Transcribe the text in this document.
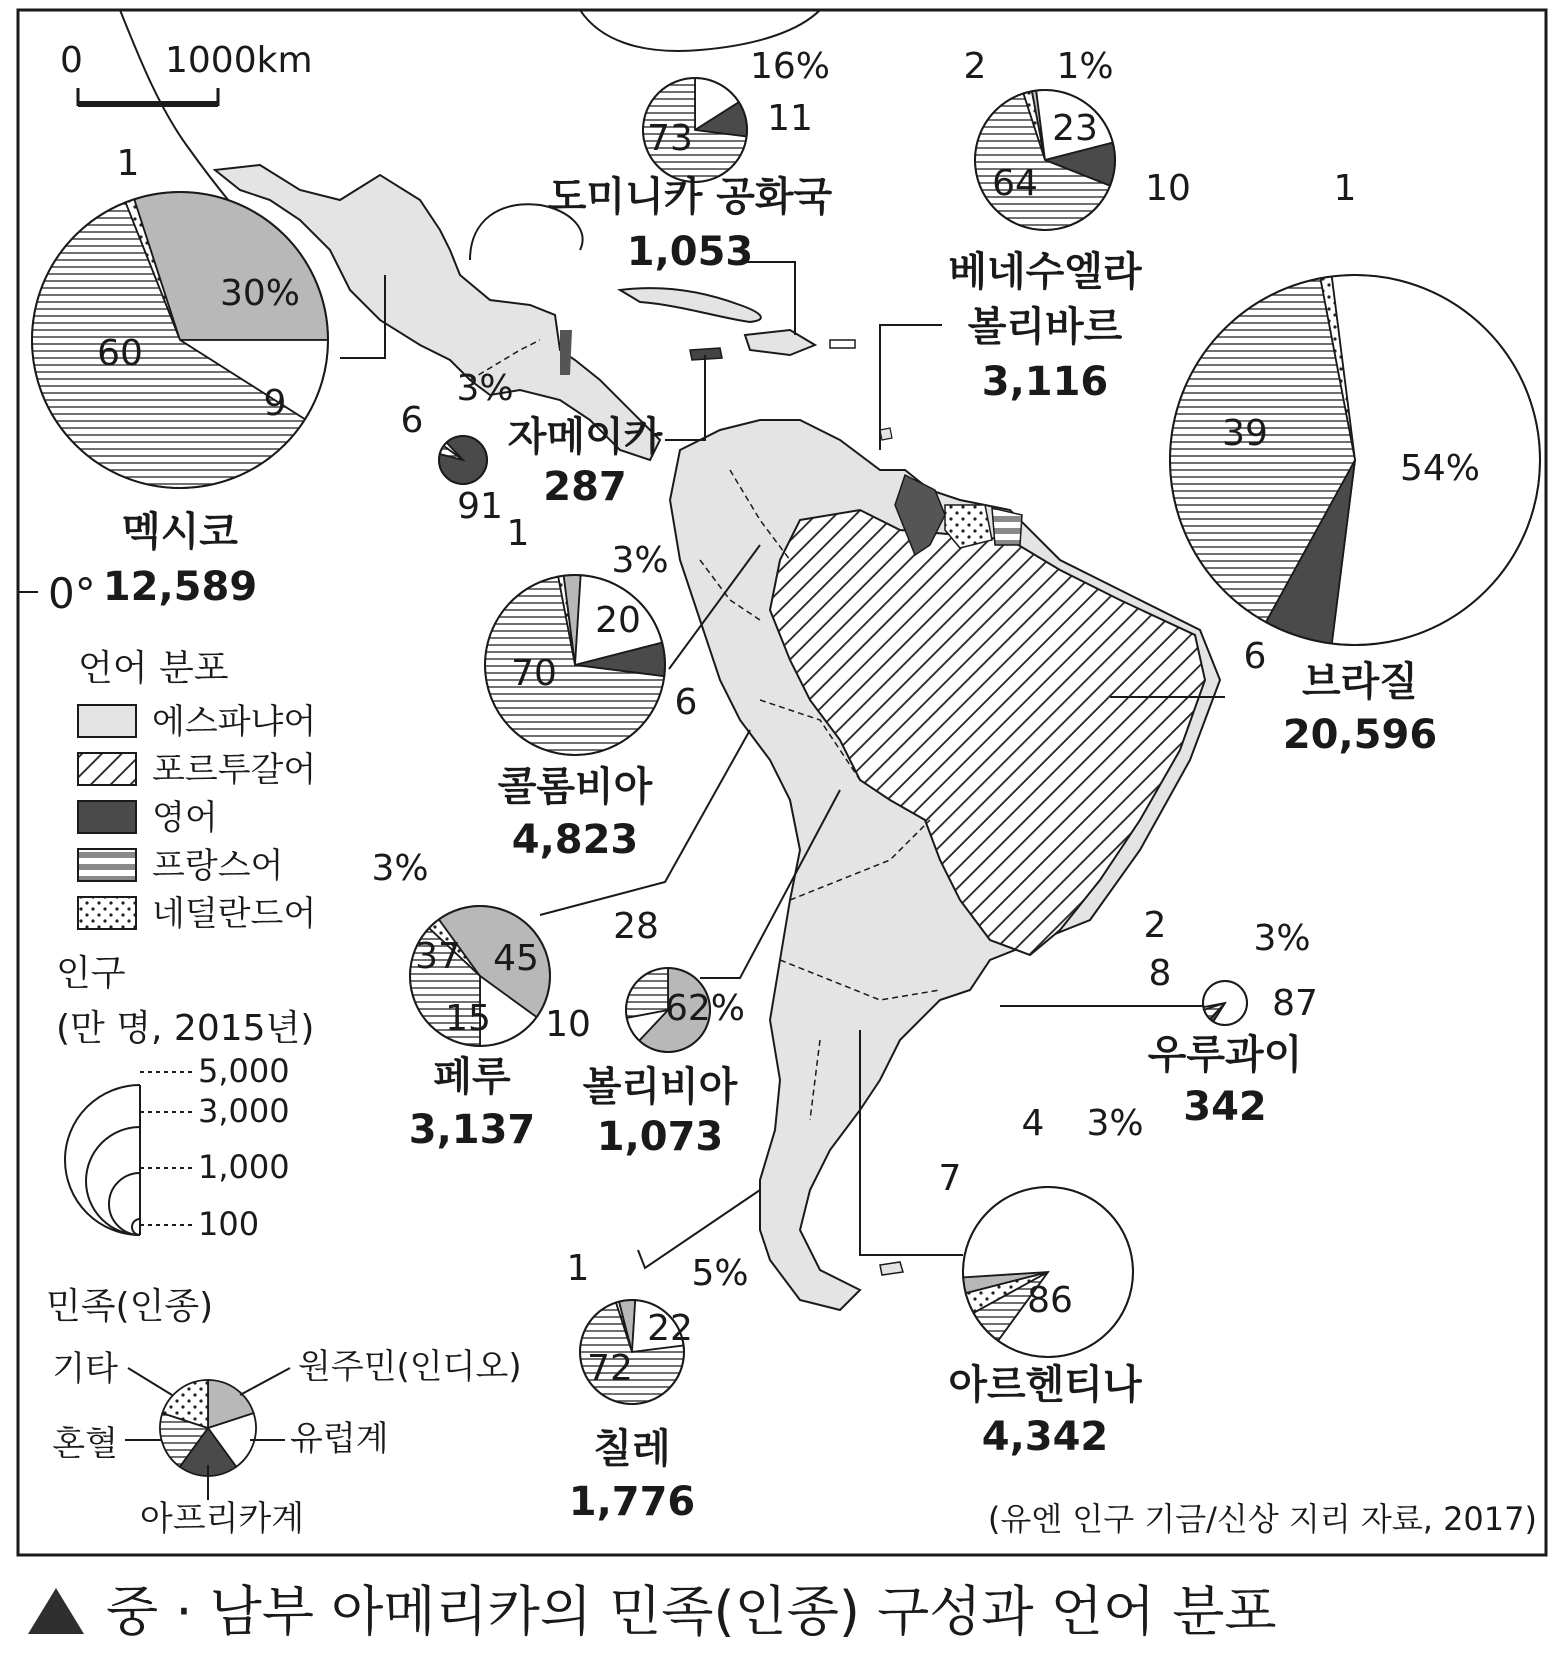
0 1000km
0°
1
30%
60
9
멕시코
12,589
16%
11
73
도미니카 공화국
1,053
2 1%
23
10
64
베네수엘라
볼리바르
3,116
6
3%
91
자메이카
287
1
39
54%
6
브라질
20,596
1
3%
20
70
6
콜롬비아
4,823
3%
37 45
15
페루
3,137
28
62%
10
볼리비아
1,073
2 3%
8
87
우루과이
342
4 3%
7
86
아르헨티나
4,342
1	5%
22
72
칠레
1,776
언어 분포
에스파냐어
포르투갈어
영어
프랑스어
네덜란드어
인구
(만 명, 2015년)
5,000
3,000
1,000
100
민족(인종)
원주민(인디오)
유럽계
아프리카계
혼혈
기타
(유엔 인구 기금/신상 지리 자료, 2017)
중 · 남부 아메리카의 민족(인종) 구성과 언어 분포
